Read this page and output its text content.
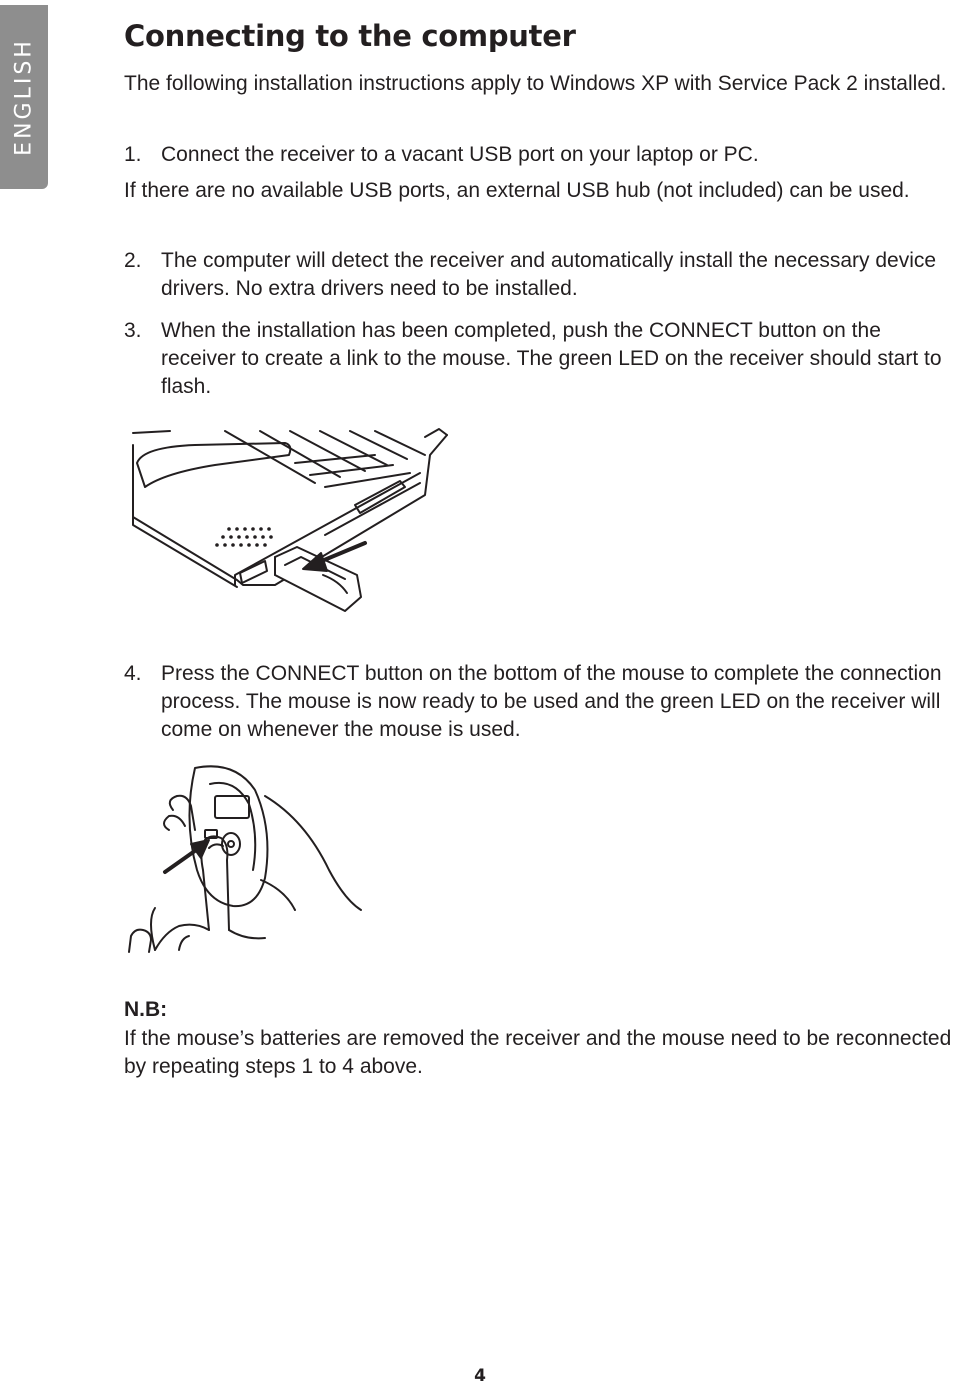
ENGLISH
Connecting to the computer

The following installation instructions apply to Windows XP with Service Pack 2 installed.

1. Connect the receiver to a vacant USB port on your laptop or PC.

If there are no available USB ports, an external USB hub (not included) can be used.

2. The computer will detect the receiver and automatically install the necessary device drivers. No extra drivers need to be installed.
3. When the installation has been completed, push the CONNECT button on the receiver to create a link to the mouse. The green LED on the receiver should start to flash.
4. Press the CONNECT button on the bottom of the mouse to complete the connection process. The mouse is now ready to be used and the green LED on the receiver will come on whenever the mouse is used.

N.B:

If the mouse’s batteries are removed the receiver and the mouse need to be reconnected by repeating steps 1 to 4 above.

4
